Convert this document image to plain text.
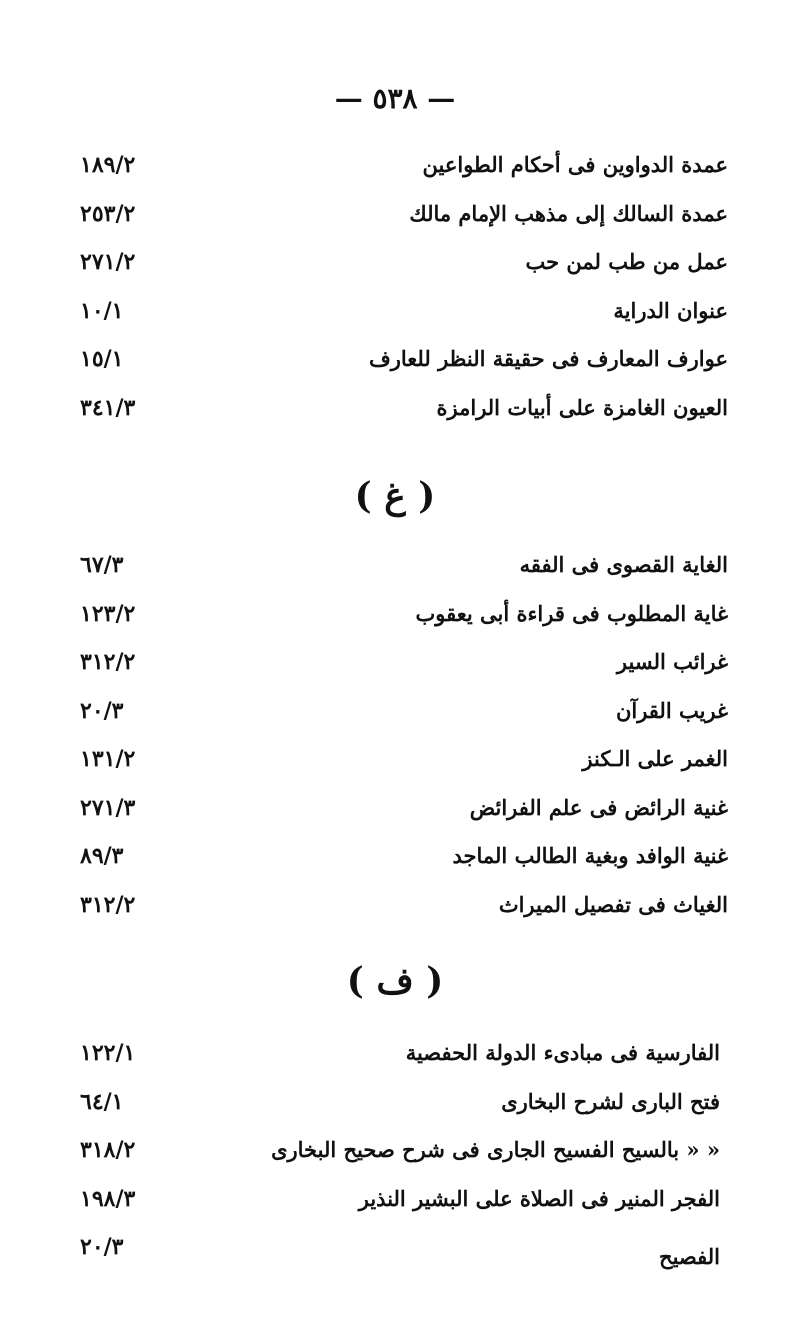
— ٥٣٨ —
عمدة الدواوين فى أحكام الطواعين
١٨٩/٢
عمدة السالك إلى مذهب الإمام مالك
٢٥٣/٢
عمل من طب لمن حب
٢٧١/٢
عنوان الدراية
١٠/١
عوارف المعارف فى حقيقة النظر للعارف
١٥/١
العيون الغامزة على أبيات الرامزة
٣٤١/٣
( غ )
الغاية القصوى فى الفقه
٦٧/٣
غاية المطلوب فى قراءة أبى يعقوب
١٢٣/٢
غرائب السير
٣١٢/٢
غريب القرآن
٢٠/٣
الغمر على الـكنز
١٣١/٢
غنية الرائض فى علم الفرائض
٢٧١/٣
غنية الوافد وبغية الطالب الماجد
٨٩/٣
الغياث فى تفصيل الميراث
٣١٢/٢
( ف )
الفارسية فى مبادىء الدولة الحفصية
١٢٢/١
فتح البارى لشرح البخارى
٦٤/١
« « بالسيح الفسيح الجارى فى شرح صحيح البخارى
٣١٨/٢
الفجر المنير فى الصلاة على البشير النذير
١٩٨/٣
الفصيح
٢٠/٣
